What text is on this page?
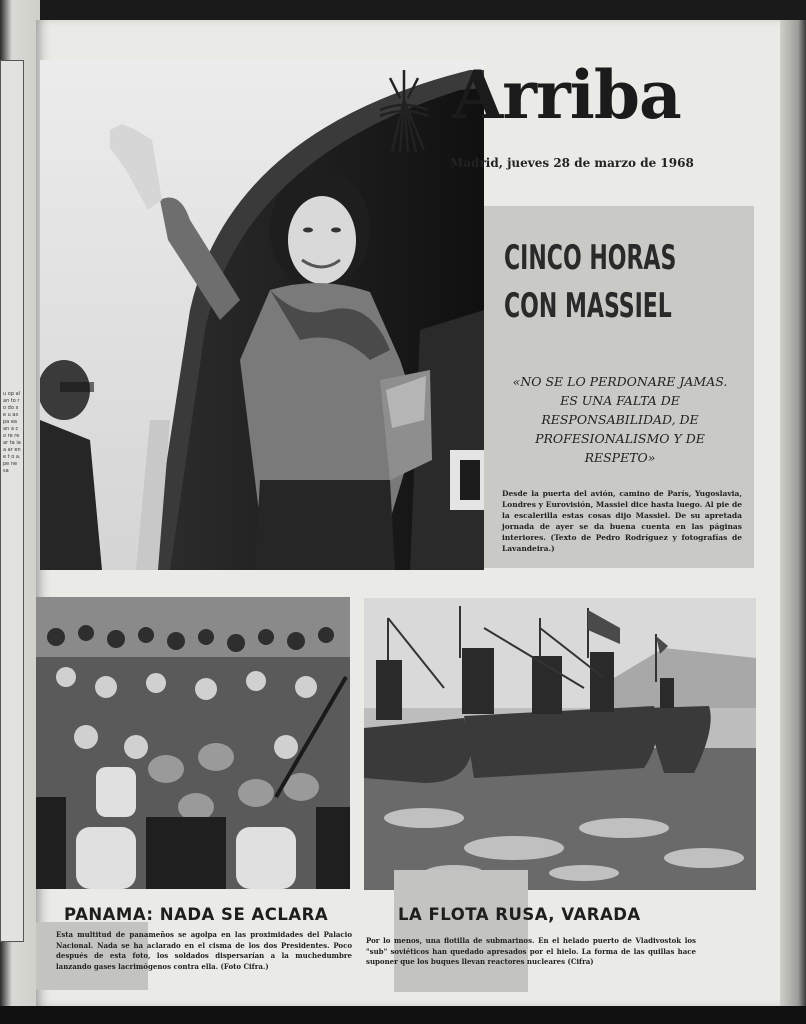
u op al an to ro do xe u as pa ea an a co re re ar ta ia a ar en e t o a. pe ne sa
Arriba
Madrid, jueves 28 de marzo de 1968
CINCO HORAS
CON MASSIEL
«NO SE LO PERDONARE JAMAS. ES UNA FALTA DE RESPONSABILIDAD, DE PROFESIONALISMO Y DE RESPETO»
Desde la puerta del avión, camino de París, Yugoslavia, Londres y Eurovisión, Massiel dice hasta luego. Al pie de la escalerilla estas cosas dijo Massiel. De su apretada jornada de ayer se da buena cuenta en las páginas interiores. (Texto de Pedro Rodríguez y fotografías de Lavandeira.)
PANAMA: NADA SE ACLARA
Esta multitud de panameños se agolpa en las proximidades del Palacio Nacional. Nada se ha aclarado en el cisma de los dos Presidentes. Poco después de esta foto, los soldados dispersarían a la muchedumbre lanzando gases lacrimógenos contra ella. (Foto Cifra.)
LA FLOTA RUSA, VARADA
Por lo menos, una flotilla de submarinos. En el helado puerto de Vladivostok los "sub" soviéticos han quedado apresados por el hielo. La forma de las quillas hace suponer que los buques llevan reactores nucleares (Cifra)
